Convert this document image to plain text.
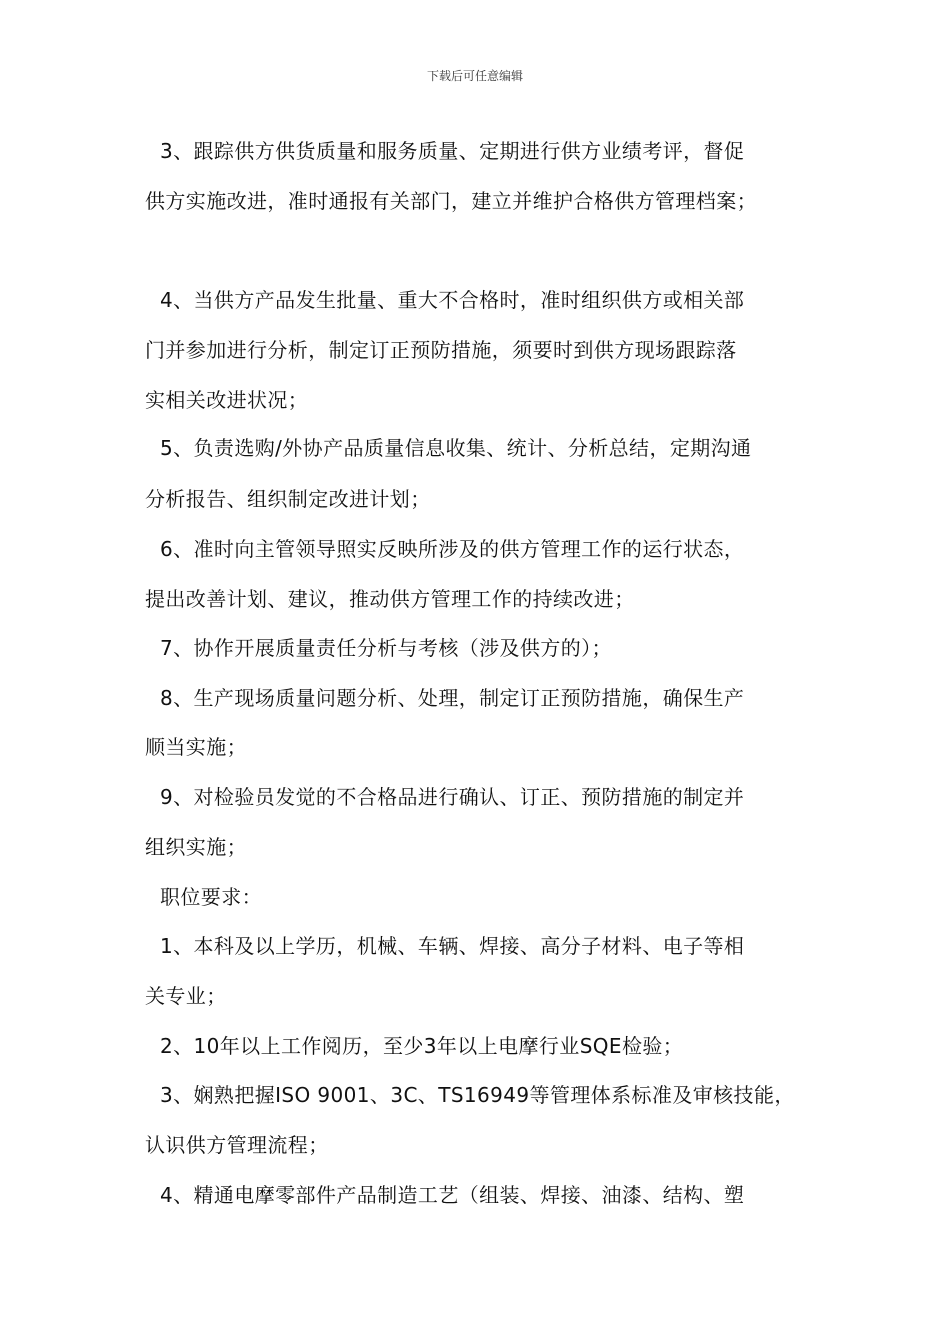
下载后可任意编辑
3、跟踪供方供货质量和服务质量、定期进行供方业绩考评，督促
供方实施改进，准时通报有关部门，建立并维护合格供方管理档案；
4、当供方产品发生批量、重大不合格时，准时组织供方或相关部
门并参加进行分析，制定订正预防措施，须要时到供方现场跟踪落
实相关改进状况；
5、负责选购/外协产品质量信息收集、统计、分析总结，定期沟通
分析报告、组织制定改进计划；
6、准时向主管领导照实反映所涉及的供方管理工作的运行状态，
提出改善计划、建议，推动供方管理工作的持续改进；
7、协作开展质量责任分析与考核（涉及供方的）；
8、生产现场质量问题分析、处理，制定订正预防措施，确保生产
顺当实施；
9、对检验员发觉的不合格品进行确认、订正、预防措施的制定并
组织实施；
职位要求：
1、本科及以上学历，机械、车辆、焊接、高分子材料、电子等相
关专业；
2、10年以上工作阅历，至少3年以上电摩行业SQE检验；
3、娴熟把握ISO 9001、3C、TS16949等管理体系标准及审核技能，
认识供方管理流程；
4、精通电摩零部件产品制造工艺（组装、焊接、油漆、结构、塑
